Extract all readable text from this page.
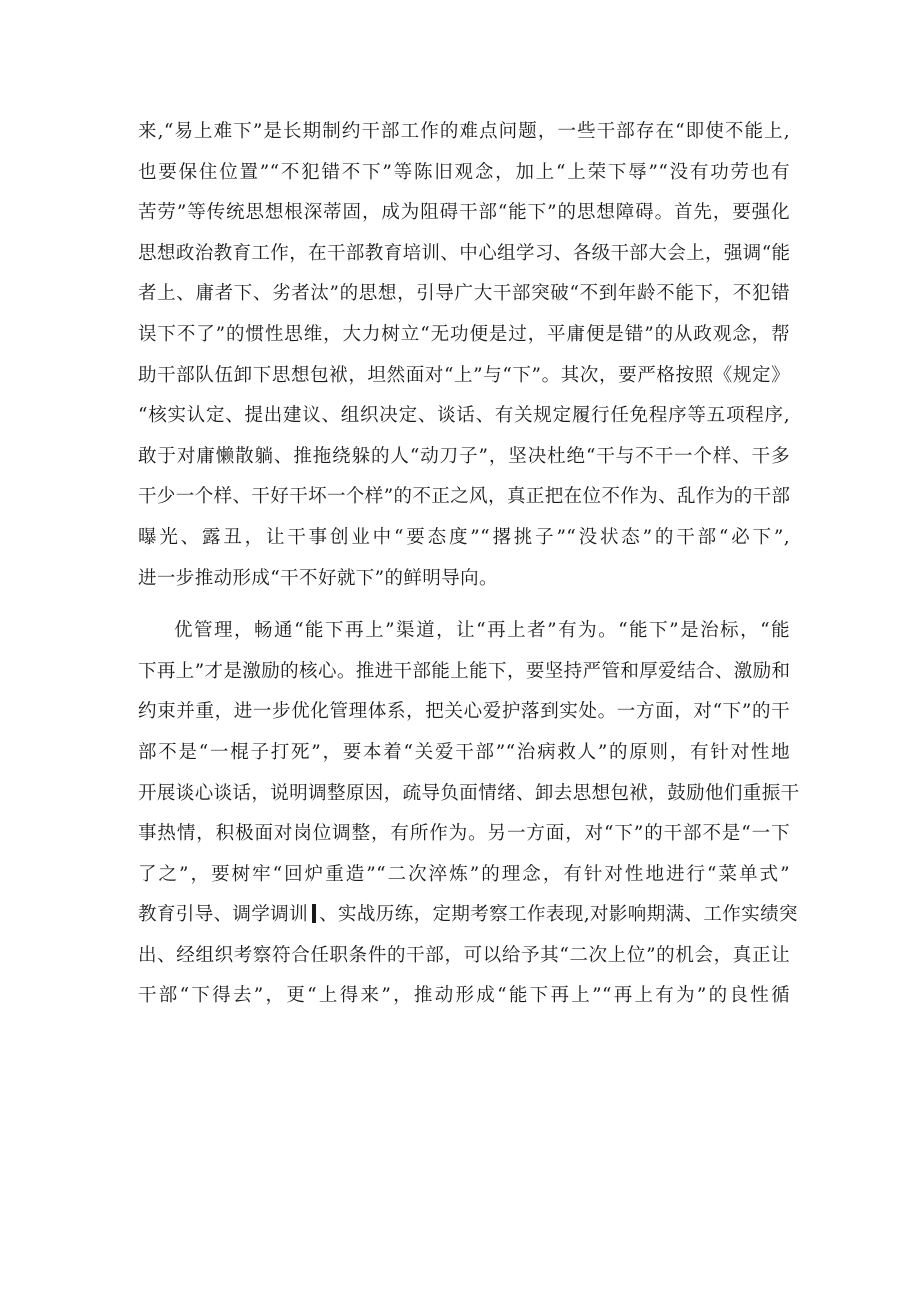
来,“易上难下”是长期制约干部工作的难点问题，一些干部存在“即使不能上,
也要保住位置”“不犯错不下”等陈旧观念，加上“上荣下辱”“没有功劳也有
苦劳”等传统思想根深蒂固，成为阻碍干部“能下”的思想障碍。首先，要强化
思想政治教育工作，在干部教育培训、中心组学习、各级干部大会上，强调“能
者上、庸者下、劣者汰”的思想，引导广大干部突破“不到年龄不能下，不犯错
误下不了”的惯性思维，大力树立“无功便是过，平庸便是错”的从政观念，帮
助干部队伍卸下思想包袱，坦然面对“上”与“下”。其次，要严格按照《规定》
“核实认定、提出建议、组织决定、谈话、有关规定履行任免程序等五项程序,
敢于对庸懒散躺、推拖绕躲的人“动刀子”，坚决杜绝“干与不干一个样、干多
干少一个样、干好干坏一个样”的不正之风，真正把在位不作为、乱作为的干部
曝光、露丑，让干事创业中“要态度”“撂挑子”“没状态”的干部“必下”,
进一步推动形成“干不好就下”的鲜明导向。
优管理，畅通“能下再上”渠道，让“再上者”有为。“能下”是治标，“能
下再上”才是激励的核心。推进干部能上能下，要坚持严管和厚爱结合、激励和
约束并重，进一步优化管理体系，把关心爱护落到实处。一方面，对“下”的干
部不是“一棍子打死”，要本着“关爱干部”“治病救人”的原则，有针对性地
开展谈心谈话，说明调整原因，疏导负面情绪、卸去思想包袱，鼓励他们重振干
事热情，积极面对岗位调整，有所作为。另一方面，对“下”的干部不是“一下
了之”，要树牢“回炉重造”“二次淬炼”的理念，有针对性地进行“菜单式”
教育引导、调学调训 、实战历练，定期考察工作表现,对影响期满、工作实绩突
出、经组织考察符合任职条件的干部，可以给予其“二次上位”的机会，真正让
干部“下得去”，更“上得来”，推动形成“能下再上”“再上有为”的良性循
